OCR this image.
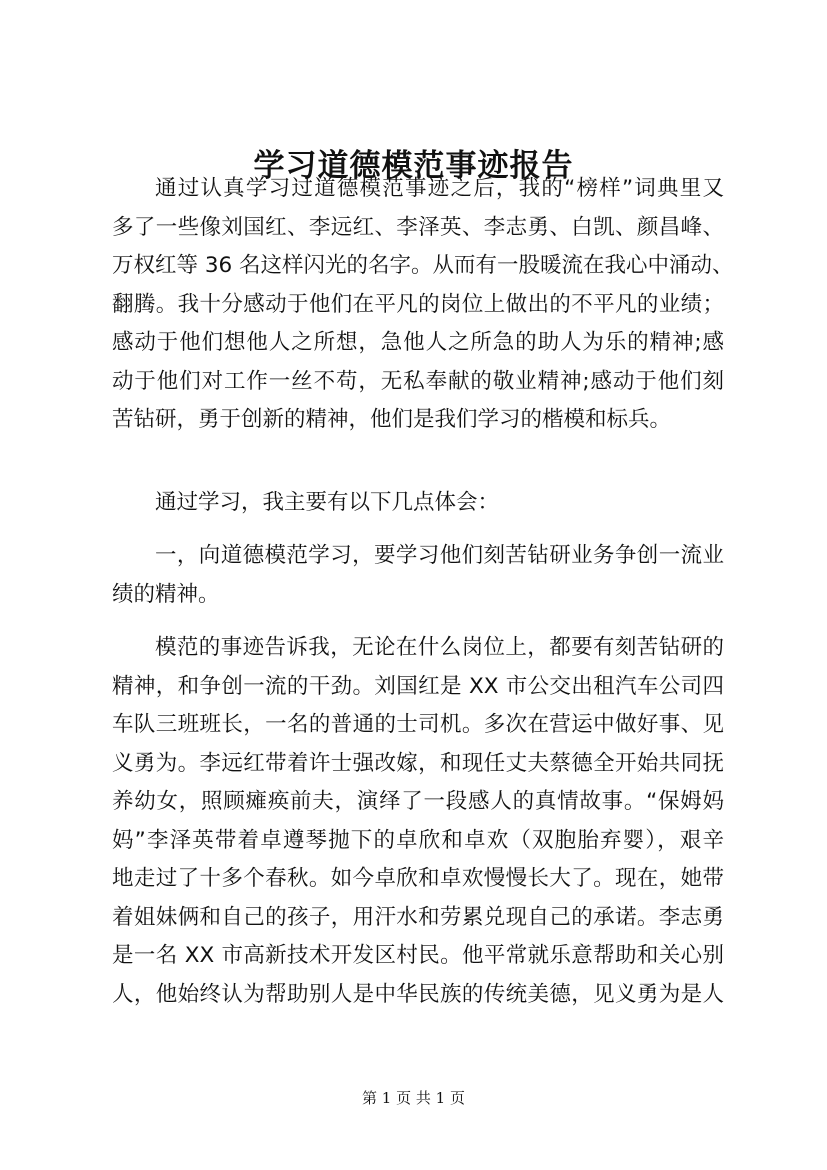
学习道德模范事迹报告
通过认真学习过道德模范事迹之后，我的“榜样”词典里又
多了一些像刘国红、李远红、李泽英、李志勇、白凯、颜昌峰、
万权红等 36 名这样闪光的名字。从而有一股暖流在我心中涌动、
翻腾。我十分感动于他们在平凡的岗位上做出的不平凡的业绩；
感动于他们想他人之所想，急他人之所急的助人为乐的精神;感
动于他们对工作一丝不苟，无私奉献的敬业精神;感动于他们刻
苦钻研，勇于创新的精神，他们是我们学习的楷模和标兵。
通过学习，我主要有以下几点体会：
一，向道德模范学习，要学习他们刻苦钻研业务争创一流业
绩的精神。
模范的事迹告诉我，无论在什么岗位上，都要有刻苦钻研的
精神，和争创一流的干劲。刘国红是 XX 市公交出租汽车公司四
车队三班班长，一名的普通的士司机。多次在营运中做好事、见
义勇为。李远红带着许士强改嫁，和现任丈夫蔡德全开始共同抚
养幼女，照顾瘫痪前夫，演绎了一段感人的真情故事。“保姆妈
妈”李泽英带着卓遵琴抛下的卓欣和卓欢（双胞胎弃婴），艰辛
地走过了十多个春秋。如今卓欣和卓欢慢慢长大了。现在，她带
着姐妹俩和自己的孩子，用汗水和劳累兑现自己的承诺。李志勇
是一名 XX 市高新技术开发区村民。他平常就乐意帮助和关心别
人，他始终认为帮助别人是中华民族的传统美德，见义勇为是人
第 1 页 共 1 页
